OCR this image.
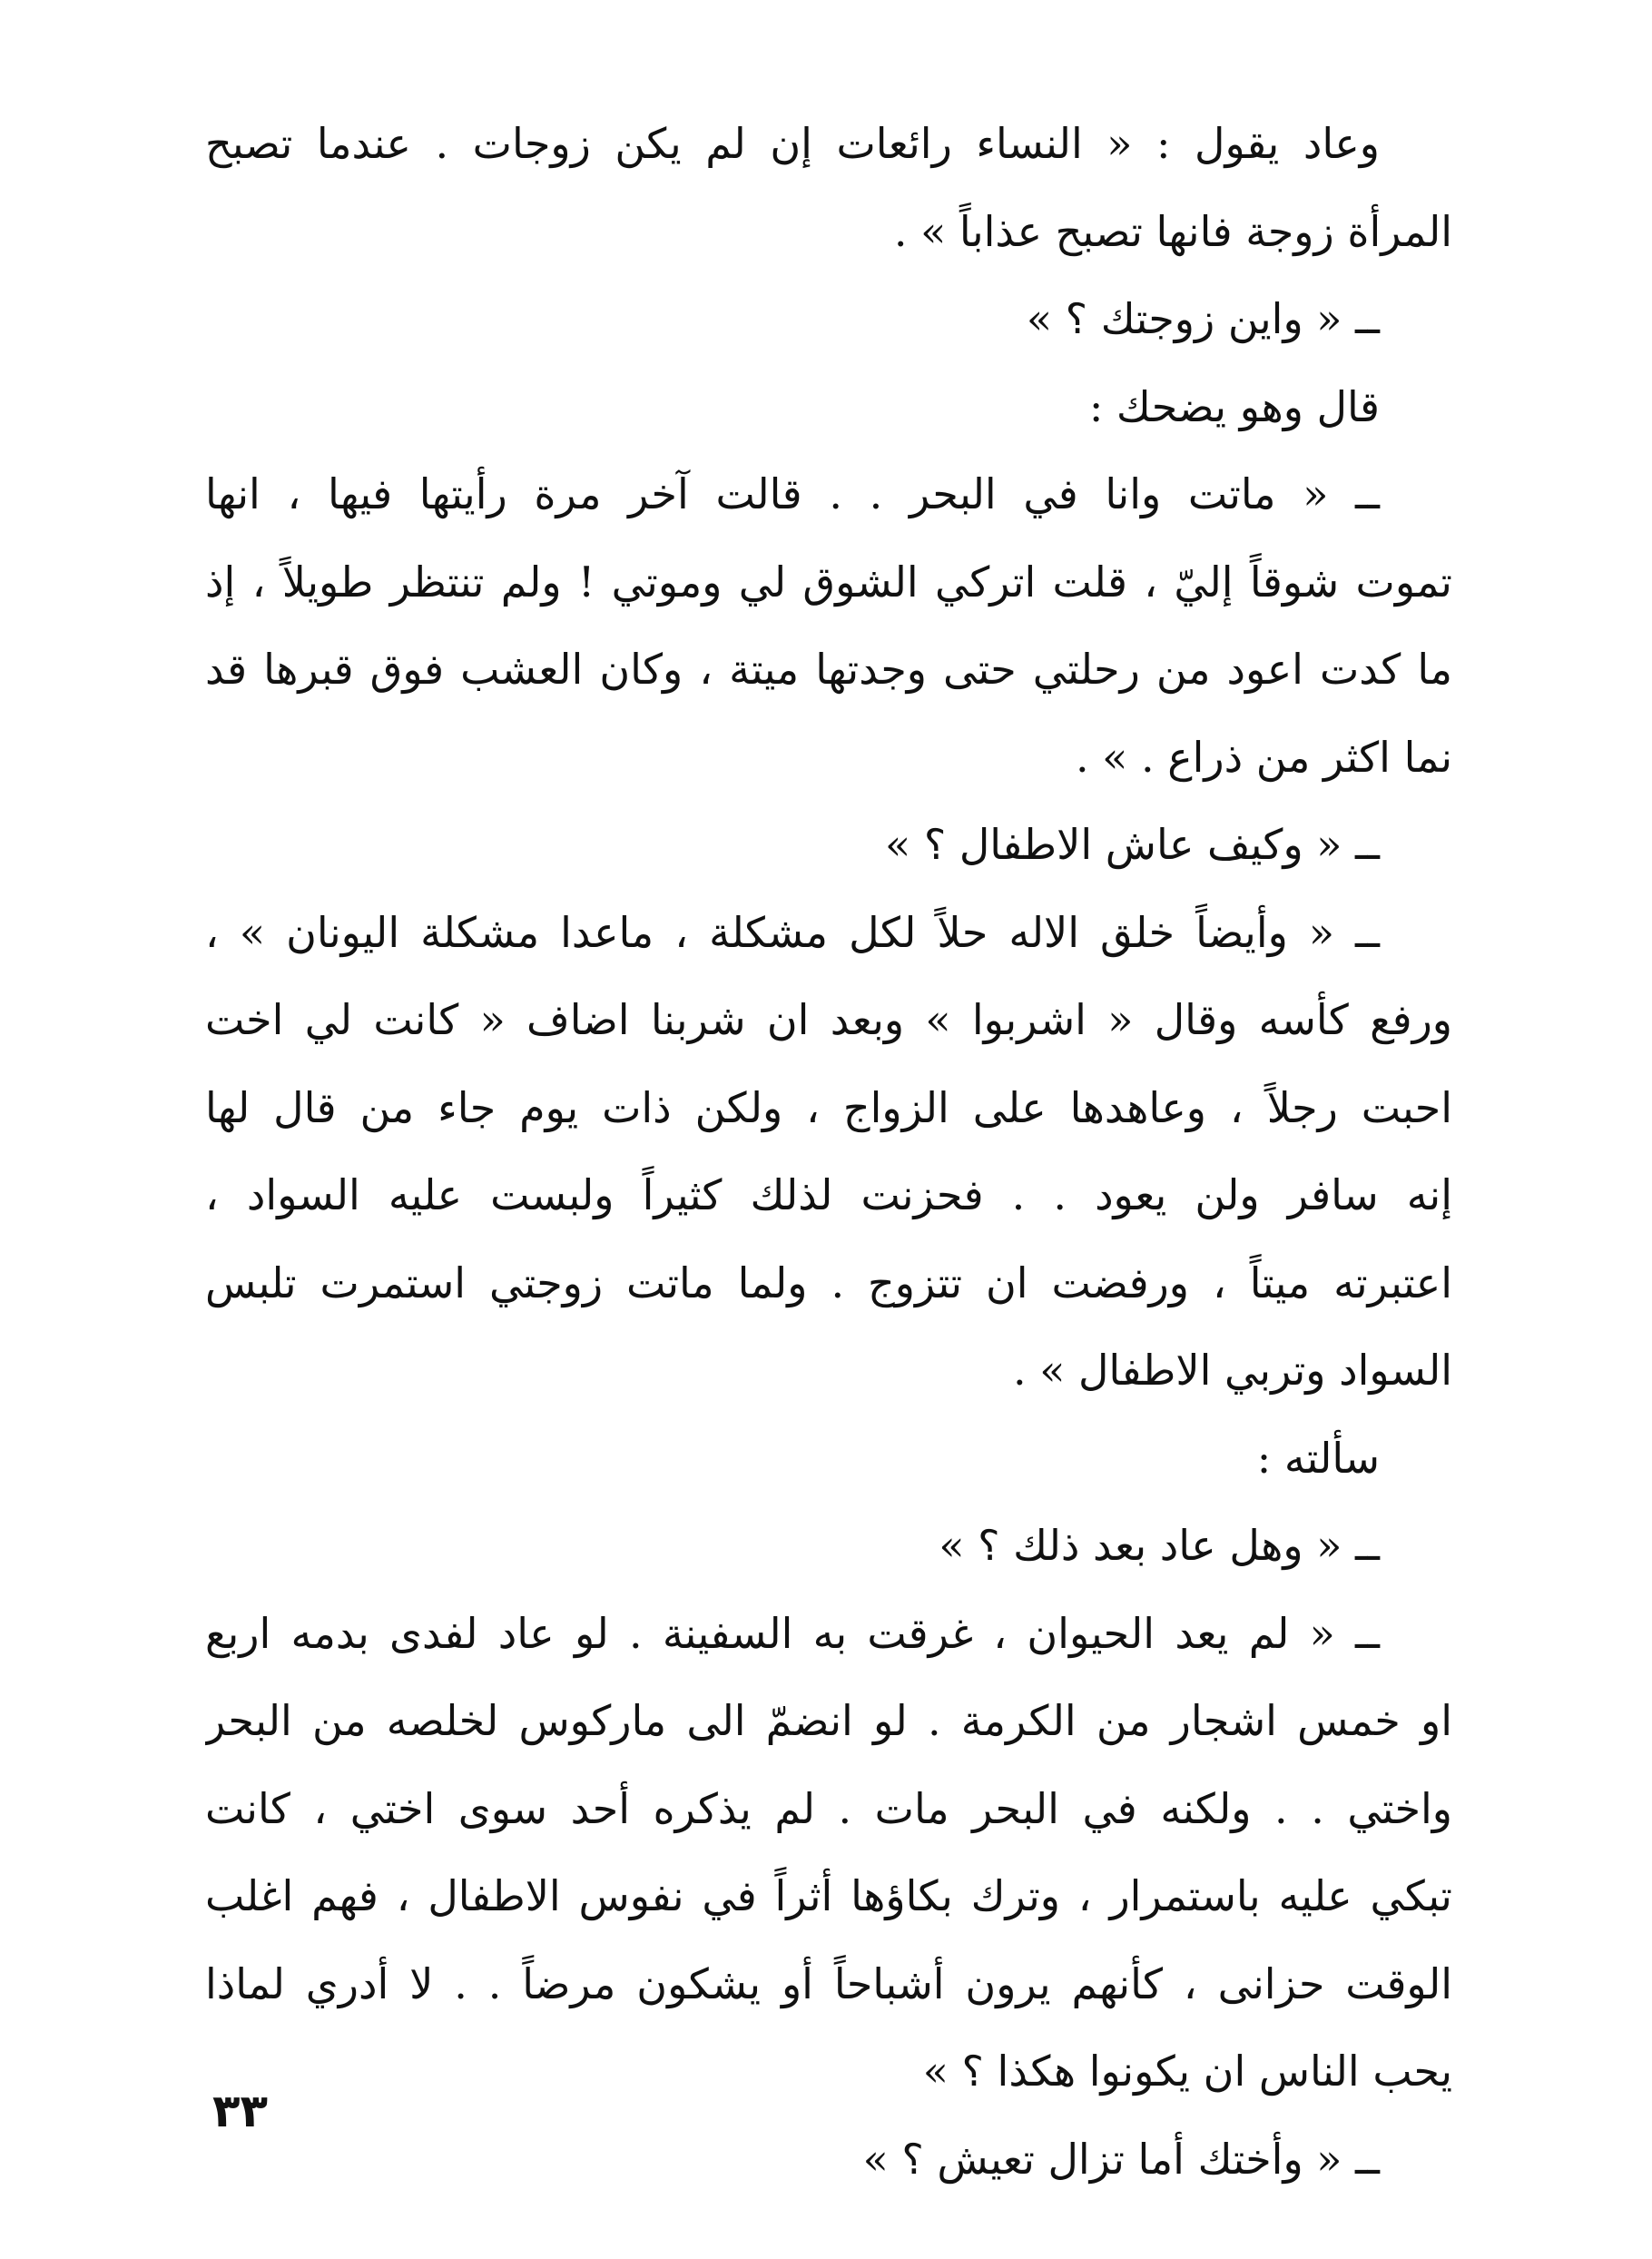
وعاد يقول : « النساء رائعات إن لم يكن زوجات . عندما تصبح
المرأة زوجة فانها تصبح عذاباً » .
ــ « واين زوجتك ؟ »
قال وهو يضحك :
ــ « ماتت وانا في البحر . . قالت آخر مرة رأيتها فيها ، انها
تموت شوقاً إليّ ، قلت اتركي الشوق لي وموتي ! ولم تنتظر طويلاً ، إذ
ما كدت اعود من رحلتي حتى وجدتها ميتة ، وكان العشب فوق قبرها قد
نما اكثر من ذراع . » .
ــ « وكيف عاش الاطفال ؟ »
ــ « وأيضاً خلق الاله حلاً لكل مشكلة ، ماعدا مشكلة اليونان » ،
ورفع كأسه وقال « اشربوا » وبعد ان شربنا اضاف « كانت لي اخت
احبت رجلاً ، وعاهدها على الزواج ، ولكن ذات يوم جاء من قال لها
إنه سافر ولن يعود . . فحزنت لذلك كثيراً ولبست عليه السواد ،
اعتبرته ميتاً ، ورفضت ان تتزوج . ولما ماتت زوجتي استمرت تلبس
السواد وتربي الاطفال » .
سألته :
ــ « وهل عاد بعد ذلك ؟ »
ــ « لم يعد الحيوان ، غرقت به السفينة . لو عاد لفدى بدمه اربع
او خمس اشجار من الكرمة . لو انضمّ الى ماركوس لخلصه من البحر
واختي . . ولكنه في البحر مات . لم يذكره أحد سوى اختي ، كانت
تبكي عليه باستمرار ، وترك بكاؤها أثراً في نفوس الاطفال ، فهم اغلب
الوقت حزانى ، كأنهم يرون أشباحاً أو يشكون مرضاً . . لا أدري لماذا
يحب الناس ان يكونوا هكذا ؟ »
ــ « وأختك أما تزال تعيش ؟ »
٣٣
